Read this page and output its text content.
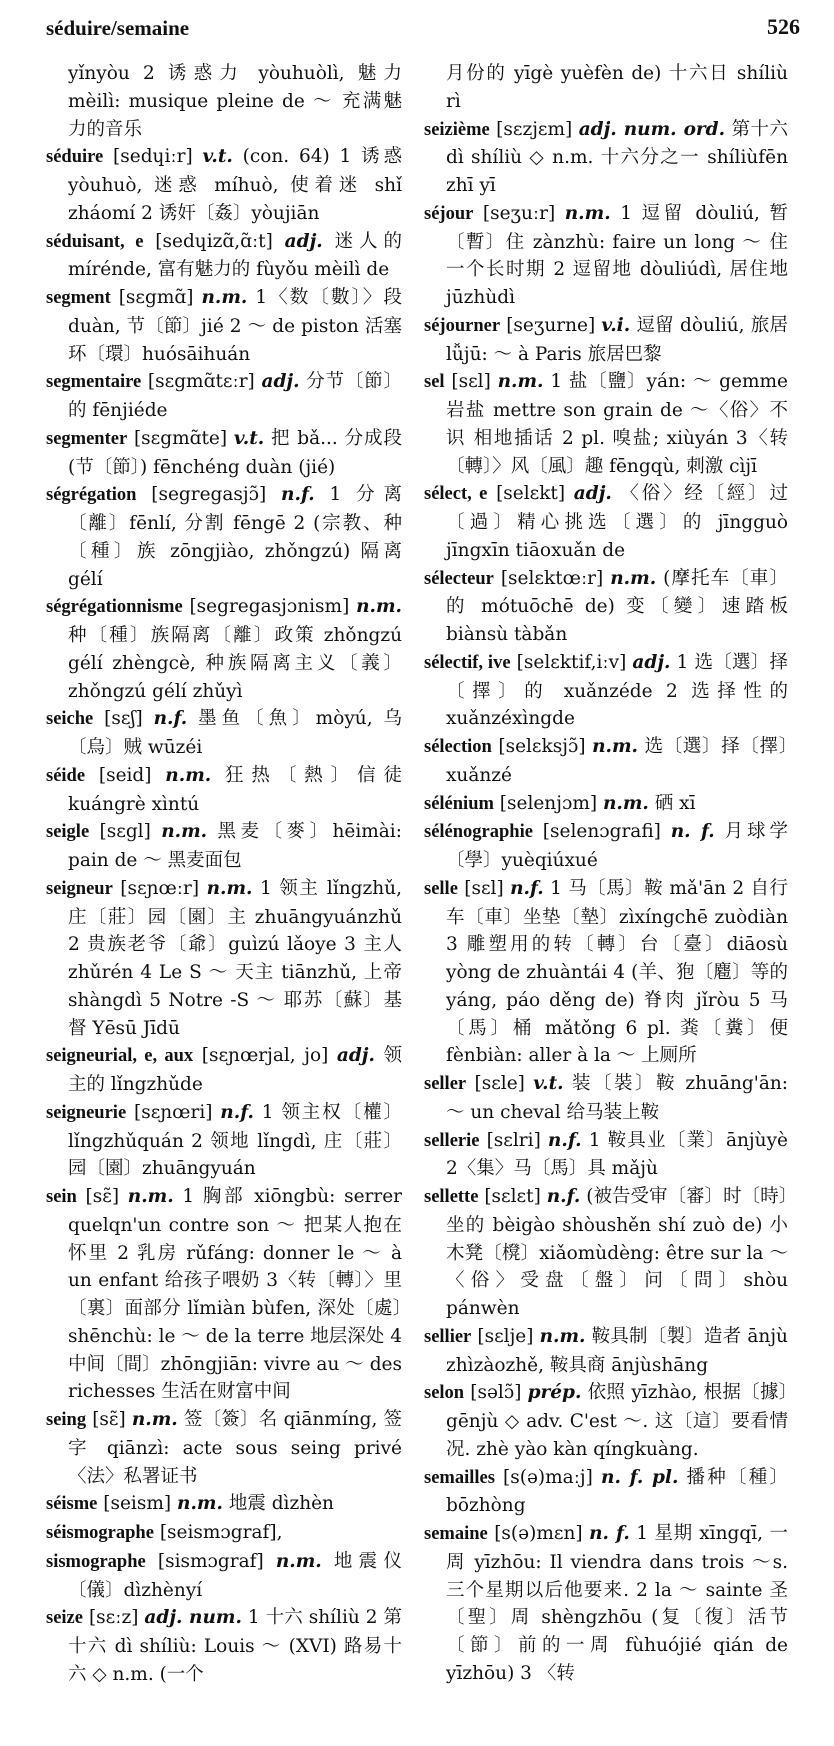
séduire/semaine	526

yǐnyòu 2 诱惑力 yòuhuòlì, 魅力 mèilì: musique pleine de ～ 充满魅力的音乐

séduire [sedɥiːr] v.t. (con. 64) 1 诱惑 yòuhuò, 迷惑 míhuò, 使着迷 shǐ zháomí 2 诱奸〔姦〕yòujiān

séduisant, e [sedɥizɑ̃,ɑ̃ːt] adj. 迷人的 mírénde, 富有魅力的 fùyǒu mèilì de

segment [sɛgmɑ̃] n.m. 1〈数〔數〕〉段 duàn, 节〔節〕jié 2 ～ de piston 活塞环〔環〕huósāihuán

segmentaire [sɛgmɑ̃tɛːr] adj. 分节〔節〕的 fēnjiéde

segmenter [sɛgmɑ̃te] v.t. 把 bǎ... 分成段(节〔節〕) fēnchéng duàn (jié)

ségrégation [segregasjɔ̃] n.f. 1 分离〔離〕fēnlí, 分割 fēngē 2 (宗教、种〔種〕族 zōngjiào, zhǒngzú) 隔离 gélí

ségrégationnisme [segregasjɔnism] n.m. 种〔種〕族隔离〔離〕政策 zhǒngzú gélí zhèngcè, 种族隔离主义〔義〕zhǒngzú gélí zhǔyì

seiche [sɛʃ] n.f. 墨鱼〔魚〕mòyú, 乌〔烏〕贼 wūzéi

séide [seid] n.m. 狂热〔熱〕信徒 kuángrè xìntú

seigle [sɛgl] n.m. 黑麦〔麥〕hēimài: pain de ～ 黑麦面包

seigneur [sɛɲœːr] n.m. 1 领主 lǐngzhǔ, 庄〔莊〕园〔園〕主 zhuāngyuánzhǔ 2 贵族老爷〔爺〕guìzú lǎoye 3 主人 zhǔrén 4 Le S ～ 天主 tiānzhǔ, 上帝 shàngdì 5 Notre -S ～ 耶苏〔蘇〕基督 Yēsū Jīdū

seigneurial, e, aux [sɛɲœrjal, jo] adj. 领主的 lǐngzhǔde

seigneurie [sɛɲœri] n.f. 1 领主权〔權〕lǐngzhǔquán 2 领地 lǐngdì, 庄〔莊〕园〔園〕zhuāngyuán

sein [sɛ̃] n.m. 1 胸部 xiōngbù: serrer quelqn'un contre son ～ 把某人抱在怀里 2 乳房 rǔfáng: donner le ～ à un enfant 给孩子喂奶 3〈转〔轉〕〉里〔裏〕面部分 lǐmiàn bùfen, 深处〔處〕shēnchù: le ～ de la terre 地层深处 4 中间〔間〕zhōngjiān: vivre au ～ des richesses 生活在财富中间

seing [sɛ̃] n.m. 签〔簽〕名 qiānmíng, 签字 qiānzì: acte sous seing privé〈法〉私署证书

séisme [seism] n.m. 地震 dìzhèn

séismographe [seismɔgraf],

sismographe [sismɔgraf] n.m. 地震仪〔儀〕dìzhènyí

seize [sɛːz] adj. num. 1 十六 shíliù 2 第十六 dì shíliù: Louis ～ (XVI) 路易十六 ◇ n.m. (一个

月份的 yīgè yuèfèn de) 十六日 shíliù rì

seizième [sɛzjɛm] adj. num. ord. 第十六 dì shíliù ◇ n.m. 十六分之一 shíliùfēn zhī yī

séjour [seʒuːr] n.m. 1 逗留 dòuliú, 暂〔暫〕住 zànzhù: faire un long ～ 住一个长时期 2 逗留地 dòuliúdì, 居住地 jūzhùdì

séjourner [seʒurne] v.i. 逗留 dòuliú, 旅居 lǚjū: ～ à Paris 旅居巴黎

sel [sɛl] n.m. 1 盐〔鹽〕yán: ～ gemme 岩盐 mettre son grain de ～〈俗〉不识 相地插话 2 pl. 嗅盐; xiùyán 3〈转〔轉〕〉风〔風〕趣 fēngqù, 刺激 cìjī

sélect, e [selɛkt] adj. 〈俗〉经〔經〕过〔過〕精心挑选〔選〕的 jīngguò jīngxīn tiāoxuǎn de

sélecteur [selɛktœːr] n.m. (摩托车〔車〕的 mótuōchē de) 变〔變〕速踏板 biànsù tàbǎn

sélectif, ive [selɛktif,iːv] adj. 1 选〔選〕择〔擇〕的 xuǎnzéde 2 选择性的 xuǎnzéxìngde

sélection [selɛksjɔ̃] n.m. 选〔選〕择〔擇〕xuǎnzé

sélénium [selenjɔm] n.m. 硒 xī

sélénographie [selenɔgrafi] n. f. 月球学〔學〕yuèqiúxué

selle [sɛl] n.f. 1 马〔馬〕鞍 mǎ'ān 2 自行车〔車〕坐垫〔墊〕zìxíngchē zuòdiàn 3 雕塑用的转〔轉〕台〔臺〕diāosù yòng de zhuàntái 4 (羊、狍〔麅〕等的 yáng, páo děng de) 脊肉 jǐròu 5 马〔馬〕桶 mǎtǒng 6 pl. 粪〔糞〕便 fènbiàn: aller à la ～ 上厕所

seller [sɛle] v.t. 装〔裝〕鞍 zhuāng'ān: ～ un cheval 给马装上鞍

sellerie [sɛlri] n.f. 1 鞍具业〔業〕ānjùyè 2〈集〉马〔馬〕具 mǎjù

sellette [sɛlɛt] n.f. (被告受审〔審〕时〔時〕坐的 bèigào shòushěn shí zuò de) 小木凳〔櫈〕xiǎomùdèng: être sur la ～〈俗〉受盘〔盤〕问〔問〕shòu pánwèn

sellier [sɛlje] n.m. 鞍具制〔製〕造者 ānjù zhìzàozhě, 鞍具商 ānjùshāng

selon [səlɔ̃] prép. 依照 yīzhào, 根据〔據〕gēnjù ◇ adv. C'est ～. 这〔這〕要看情况. zhè yào kàn qíngkuàng.

semailles [s(ə)maːj] n. f. pl. 播种〔種〕bōzhòng

semaine [s(ə)mɛn] n. f. 1 星期 xīngqī, 一周 yīzhōu: Il viendra dans trois ～s. 三个星期以后他要来. 2 la ～ sainte 圣〔聖〕周 shèngzhōu (复〔復〕活节〔節〕前的一周 fùhuójié qián de yīzhōu) 3 〈转
